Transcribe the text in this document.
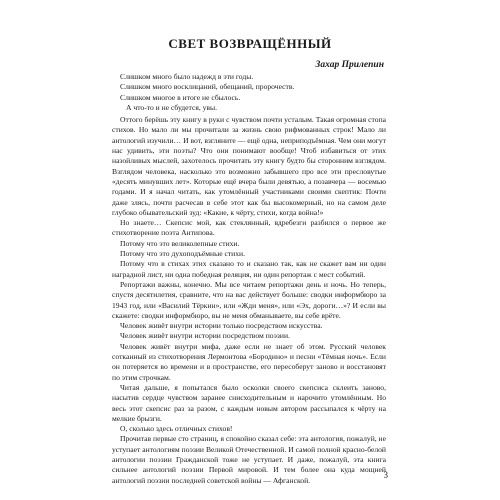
СВЕТ ВОЗВРАЩЁННЫЙ
Захар Прилепин
Слишком много было надежд в эти годы.
Слишком много восклицаний, обещаний, пророчеств.
Слишком многое в итоге не сбылось.
А что-то и не сбудется, увы.

Оттого берёшь эту книгу в руки с чувством почти усталым. Такая огромная стопа стихов. Но мало ли мы прочитали за жизнь свою рифмованных строк! Мало ли антологий изучили… И вот, взгляните — ещё одна, неприподъёмная. Чем они могут нас удивить, эти поэты? Что они понимают вообще! Чтоб избавиться от этих назойливых мыслей, захотелось прочитать эту книгу будто бы сторонним взглядом. Взглядом человека, насколько это возможно забывшего про все эти пресловутые «десять минувших лет». Которые ещё вчера были девятью, а позавчера — восемью годами. И я начал читать, как утомлённый участниками своими скептик: Почти даже злясь, почти расчесав в себе этот как бы высокомерный, но на самом деле глубоко обывательский зуд: «Какие, к чёрту, стихи, когда война!»

Но знаете… Скепсис мой, как стеклянный, вдребезги разбился о первое же стихотворение поэта Антипова.

Потому что это великолепные стихи.

Потому что это духоподъёмные стихи.

Потому что в стихах этих сказано то и сказано так, как не скажет вам ни один наградной лист, ни одна победная реляция, ни один репортаж с мест событий.

Репортажи важны, конечно. Мы все читаем репортажи день и ночь. Но теперь, спустя десятилетия, сравните, что на вас действует больше: сводки информбюро за 1943 год, или «Василий Тёркин», или «Жди меня», или «Эх, дороги…»? И если вы скажете: сводки информбюро, вы не меня обманываете, вы себе врёте.

Человек живёт внутри истории только посредством искусства.

Человек живёт внутри истории посредством поэзии.

Человек живёт внутри мифа, даже если не знает об этом. Русский человек сотканный из стихотворения Лермонтова «Бородино» и песни «Тёмная ночь». Если он потеряется во времени и в пространстве, его пересоберут заново и восстановят по этим строчкам.

Читая дальше, я попытался было осколки своего скепсиса склеить заново, насытив сердце чувством заранее снисходительным и нарочито утомлённым. Но весь этот скепсис раз за разом, с каждым новым автором рассыпался к чёрту на мелкие брызги.

О, сколько здесь отличных стихов!

Прочитав первые сто страниц, я спокойно сказал себе: эта антология, пожалуй, не уступает антологиям поэзии Великой Отечественной. И самой полной красно-белой антологии поэзии Гражданской тоже не уступает. И даже, пожалуй, эта книга сильнее антологий поэзии Первой мировой. И тем более она куда мощней антологий поэзии последней советской войны — Афганской.

3
